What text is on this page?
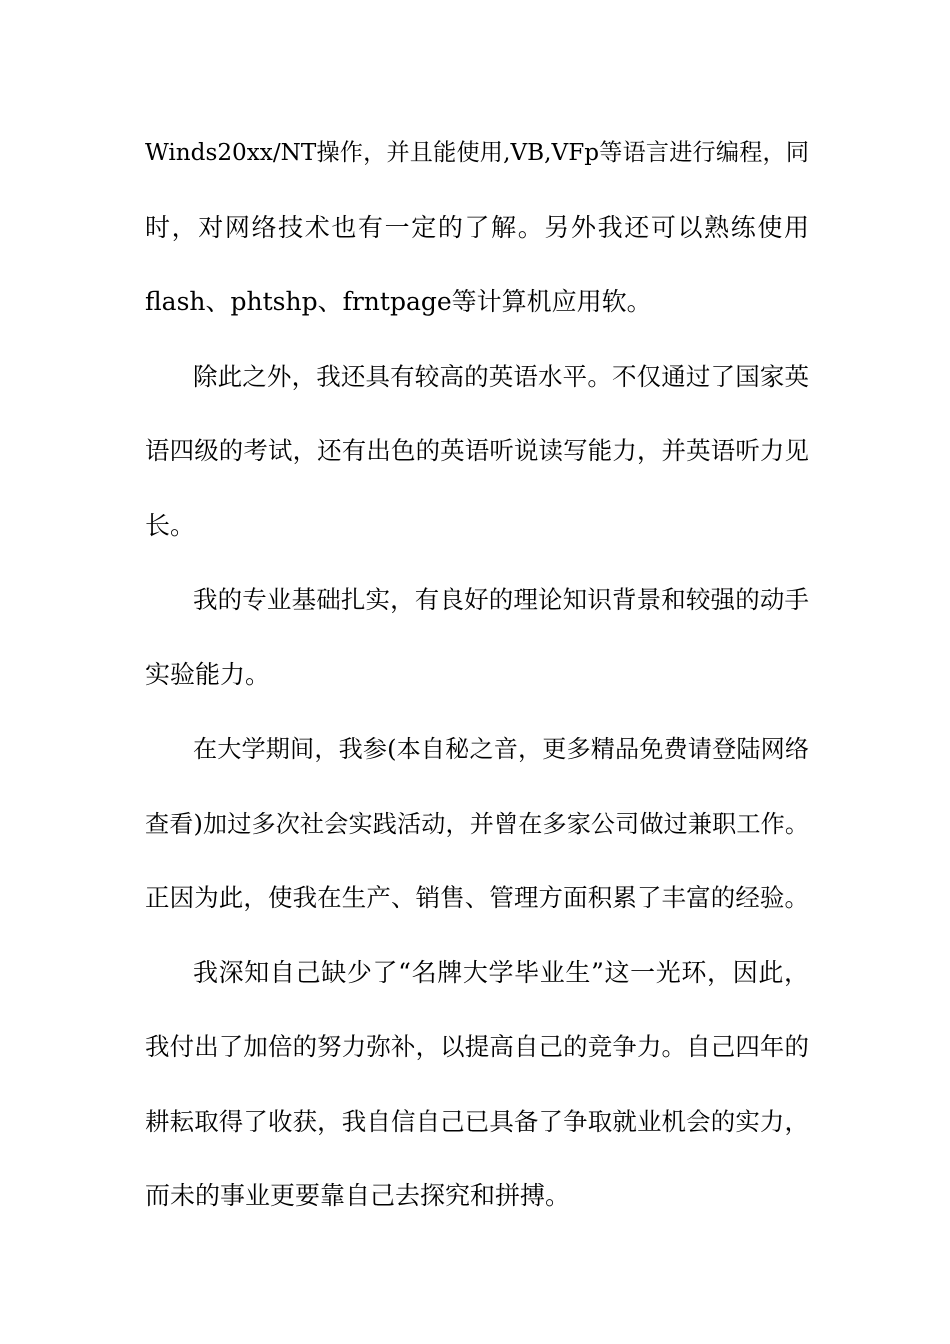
Winds20xx/NT操作，并且能使用,VB,VFp等语言进行编程，同
时，对网络技术也有一定的了解。另外我还可以熟练使用
flash、phtshp、frntpage等计算机应用软。
除此之外，我还具有较高的英语水平。不仅通过了国家英
语四级的考试，还有出色的英语听说读写能力，并英语听力见
长。
我的专业基础扎实，有良好的理论知识背景和较强的动手
实验能力。
在大学期间，我参(本自秘之音，更多精品免费请登陆网络
查看)加过多次社会实践活动，并曾在多家公司做过兼职工作。
正因为此，使我在生产、销售、管理方面积累了丰富的经验。
我深知自己缺少了“名牌大学毕业生”这一光环，因此，
我付出了加倍的努力弥补，以提高自己的竞争力。自己四年的
耕耘取得了收获，我自信自己已具备了争取就业机会的实力，
而未的事业更要靠自己去探究和拼搏。
